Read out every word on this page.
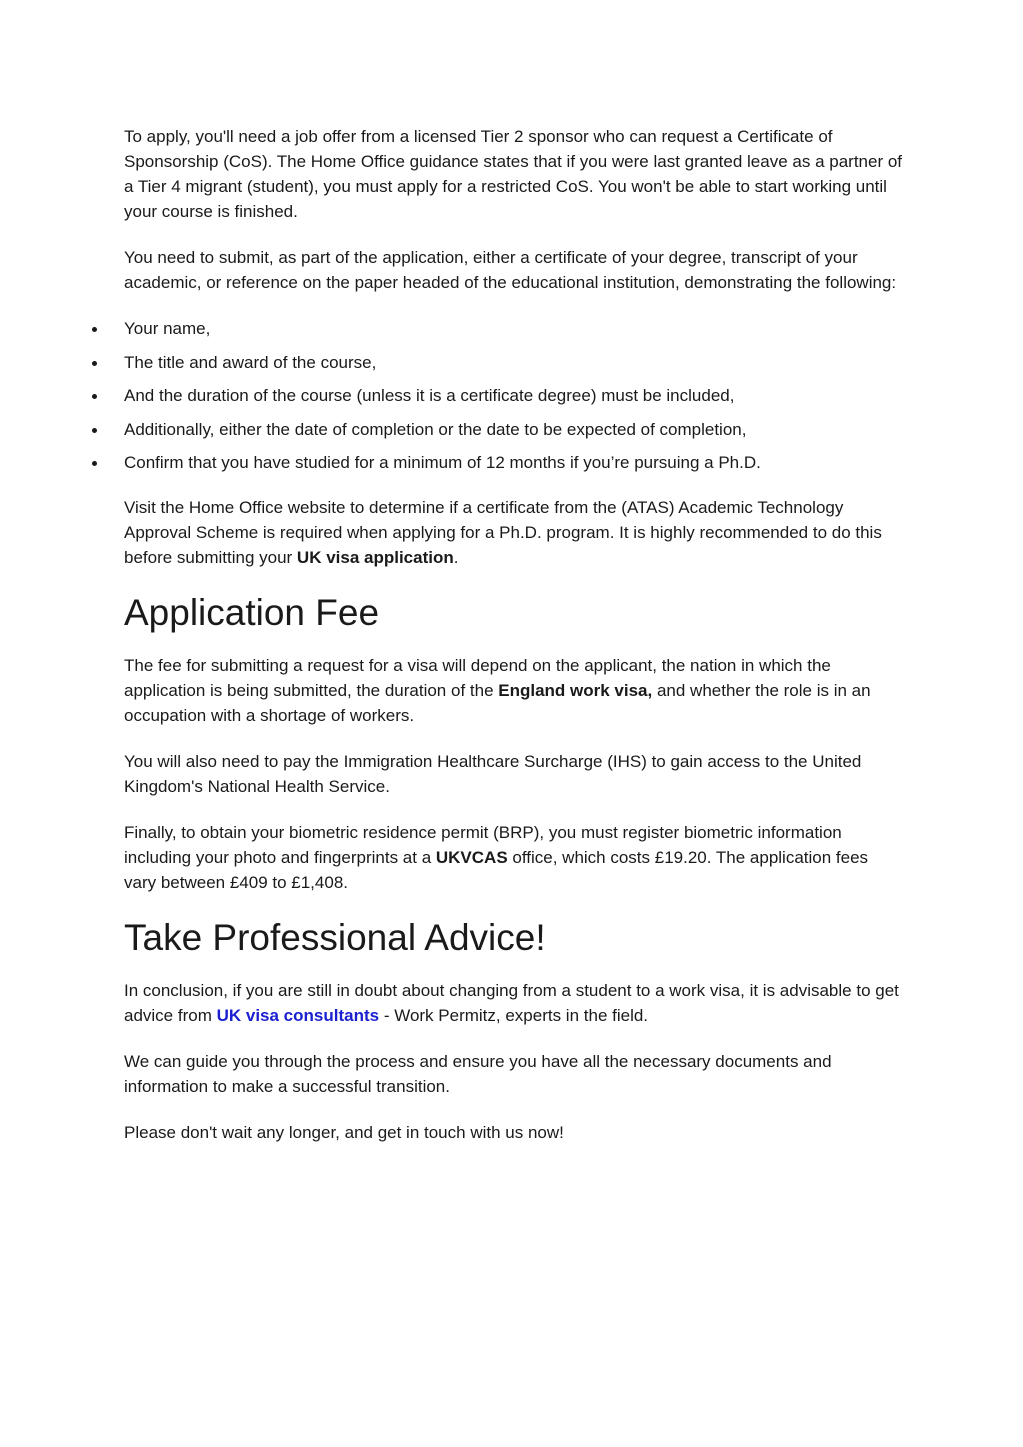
To apply, you'll need a job offer from a licensed Tier 2 sponsor who can request a Certificate of Sponsorship (CoS). The Home Office guidance states that if you were last granted leave as a partner of a Tier 4 migrant (student), you must apply for a restricted CoS. You won't be able to start working until your course is finished.

You need to submit, as part of the application, either a certificate of your degree, transcript of your academic, or reference on the paper headed of the educational institution, demonstrating the following:

Your name,
The title and award of the course,
And the duration of the course (unless it is a certificate degree) must be included,
Additionally, either the date of completion or the date to be expected of completion,
Confirm that you have studied for a minimum of 12 months if you’re pursuing a Ph.D.

Visit the Home Office website to determine if a certificate from the (ATAS) Academic Technology Approval Scheme is required when applying for a Ph.D. program. It is highly recommended to do this before submitting your UK visa application.

Application Fee

The fee for submitting a request for a visa will depend on the applicant, the nation in which the application is being submitted, the duration of the England work visa, and whether the role is in an occupation with a shortage of workers.

You will also need to pay the Immigration Healthcare Surcharge (IHS) to gain access to the United Kingdom's National Health Service.

Finally, to obtain your biometric residence permit (BRP), you must register biometric information including your photo and fingerprints at a UKVCAS office, which costs £19.20. The application fees vary between £409 to £1,408.

Take Professional Advice!

In conclusion, if you are still in doubt about changing from a student to a work visa, it is advisable to get advice from UK visa consultants - Work Permitz, experts in the field.

We can guide you through the process and ensure you have all the necessary documents and information to make a successful transition.

Please don't wait any longer, and get in touch with us now!
